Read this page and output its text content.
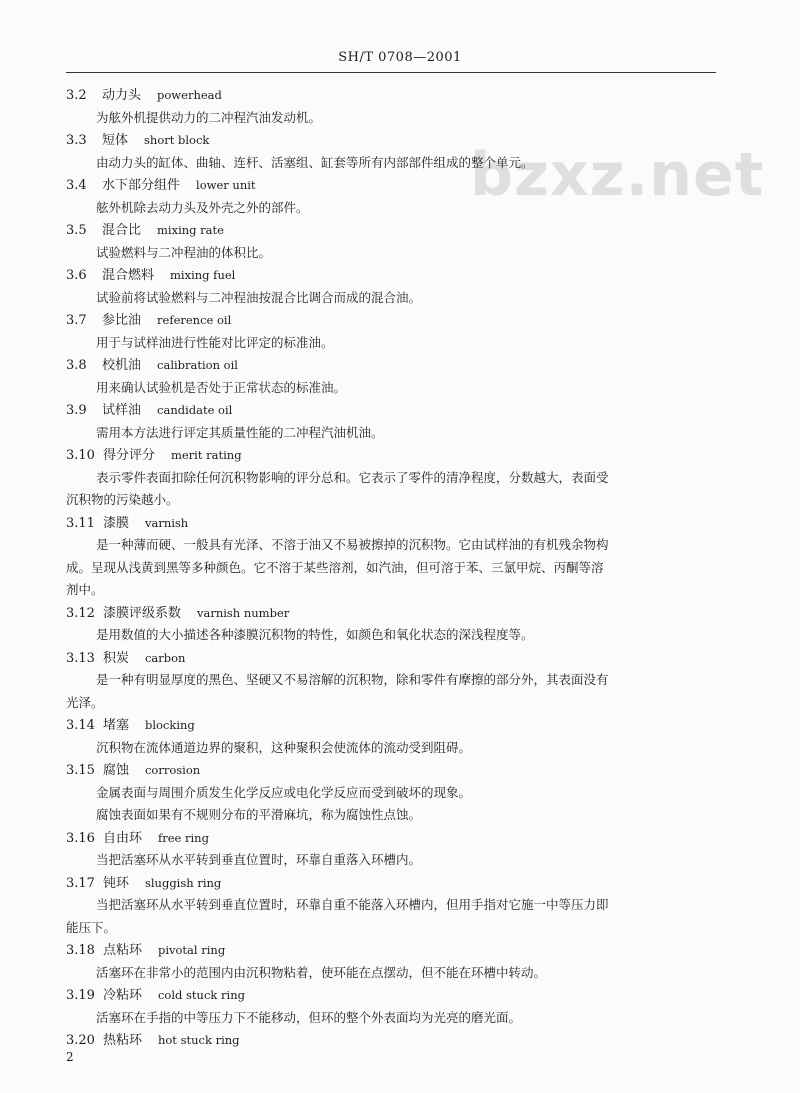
SH/T 0708—2001
bzxz.net
3.2 动力头 powerhead
为舷外机提供动力的二冲程汽油发动机。
3.3 短体 short block
由动力头的缸体、曲轴、连杆、活塞组、缸套等所有内部部件组成的整个单元。
3.4 水下部分组件 lower unit
舷外机除去动力头及外壳之外的部件。
3.5 混合比 mixing rate
试验燃料与二冲程油的体积比。
3.6 混合燃料 mixing fuel
试验前将试验燃料与二冲程油按混合比调合而成的混合油。
3.7 参比油 reference oil
用于与试样油进行性能对比评定的标准油。
3.8 校机油 calibration oil
用来确认试验机是否处于正常状态的标准油。
3.9 试样油 candidate oil
需用本方法进行评定其质量性能的二冲程汽油机油。
3.10 得分评分 merit rating
表示零件表面扣除任何沉积物影响的评分总和。它表示了零件的清净程度，分数越大，表面受
沉积物的污染越小。
3.11 漆膜 varnish
是一种薄而硬、一般具有光泽、不溶于油又不易被擦掉的沉积物。它由试样油的有机残余物构
成。呈现从浅黄到黑等多种颜色。它不溶于某些溶剂，如汽油，但可溶于苯、三氯甲烷、丙酮等溶
剂中。
3.12 漆膜评级系数 varnish number
是用数值的大小描述各种漆膜沉积物的特性，如颜色和氧化状态的深浅程度等。
3.13 积炭 carbon
是一种有明显厚度的黑色、坚硬又不易溶解的沉积物，除和零件有摩擦的部分外，其表面没有
光泽。
3.14 堵塞 blocking
沉积物在流体通道边界的聚积，这种聚积会使流体的流动受到阻碍。
3.15 腐蚀 corrosion
金属表面与周围介质发生化学反应或电化学反应而受到破坏的现象。
腐蚀表面如果有不规则分布的平滑麻坑，称为腐蚀性点蚀。
3.16 自由环 free ring
当把活塞环从水平转到垂直位置时，环靠自重落入环槽内。
3.17 钝环 sluggish ring
当把活塞环从水平转到垂直位置时，环靠自重不能落入环槽内，但用手指对它施一中等压力即
能压下。
3.18 点粘环 pivotal ring
活塞环在非常小的范围内由沉积物粘着，使环能在点摆动，但不能在环槽中转动。
3.19 冷粘环 cold stuck ring
活塞环在手指的中等压力下不能移动，但环的整个外表面均为光亮的磨光面。
3.20 热粘环 hot stuck ring
2
